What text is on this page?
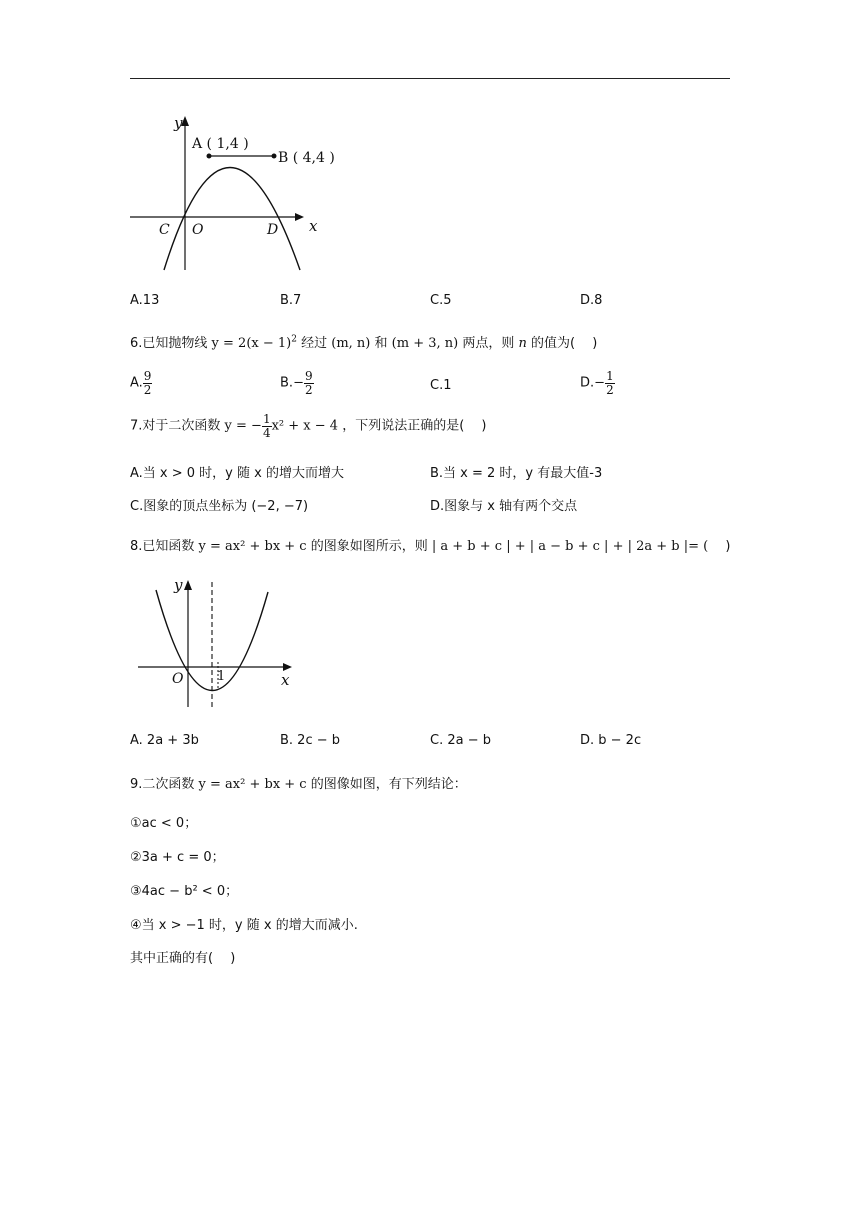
y
x
A ( 1,4 )
B ( 4,4 )
C O	D
A.13	B.7	C.5	D.8
6.已知抛物线 $y = 2(x - 1)^2$ 经过 (m, n) 和 (m + 3, n) 两点，则 n 的值为(　 )
A. $\frac{9}{2}$	$B.- \frac{9}{2}$	C.1	$D.- \frac{1}{2}$
7.对于二次函数 y = − $\frac{1}{4} x^2 + x - 4$ ，下列说法正确的是(　 )
A.当 x > 0 时，y 随 x 的增大而增大	B.当 x = 2 时，y 有最大值-3
C.图象的顶点坐标为 (−2, −7)	D.图象与 x 轴有两个交点
8.已知函数 y = ax² + bx + c 的图象如图所示，则 | a + b + c | + | a − b + c | + | 2a + b |= (　 )
y
x
O	1
A. 2a + 3b	B. 2c − b	C. 2a − b	D. b − 2c
9.二次函数 y = ax² + bx + c 的图像如图，有下列结论：
①ac < 0；
②3a + c = 0；
③4ac − b² < 0；
④当 x > −1 时，y 随 x 的增大而减小.
其中正确的有(　 )
